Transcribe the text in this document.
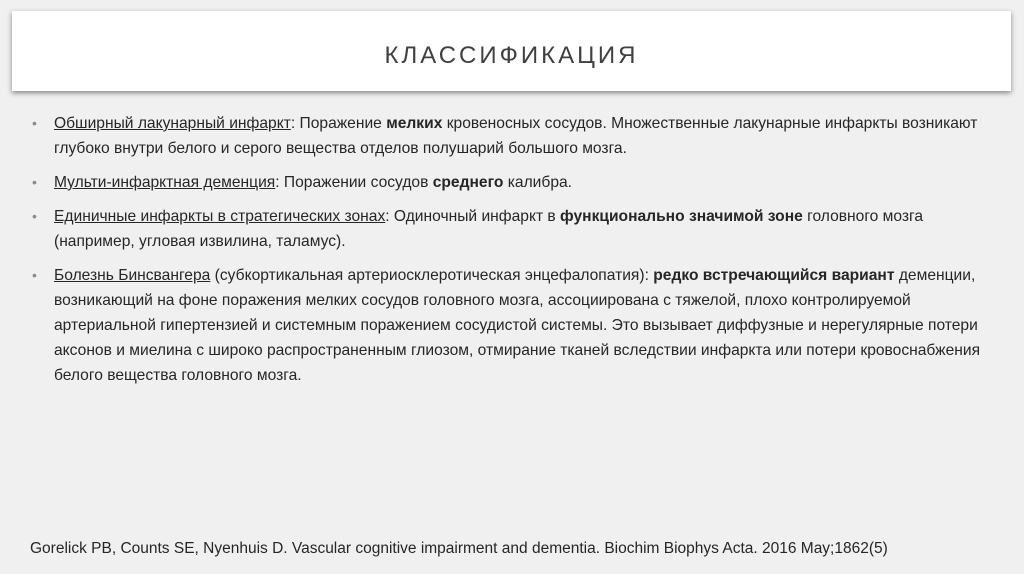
КЛАССИФИКАЦИЯ
• Обширный лакунарный инфаркт: Поражение мелких кровеносных сосудов. Множественные лакунарные инфаркты возникают глубоко внутри белого и серого вещества отделов полушарий большого мозга.
• Мульти-инфарктная деменция: Поражении сосудов среднего калибра.
• Единичные инфаркты в стратегических зонах: Одиночный инфаркт в функционально значимой зоне головного мозга (например, угловая извилина, таламус).
• Болезнь Бинсвангера (субкортикальная артериосклеротическая энцефалопатия): редко встречающийся вариант деменции, возникающий на фоне поражения мелких сосудов головного мозга, ассоциирована с тяжелой, плохо контролируемой артериальной гипертензией и системным поражением сосудистой системы. Это вызывает диффузные и нерегулярные потери аксонов и миелина с широко распространенным глиозом, отмирание тканей вследствии инфаркта или потери кровоснабжения белого вещества головного мозга.
Gorelick PB, Counts SE, Nyenhuis D. Vascular cognitive impairment and dementia. Biochim Biophys Acta. 2016 May;1862(5)
